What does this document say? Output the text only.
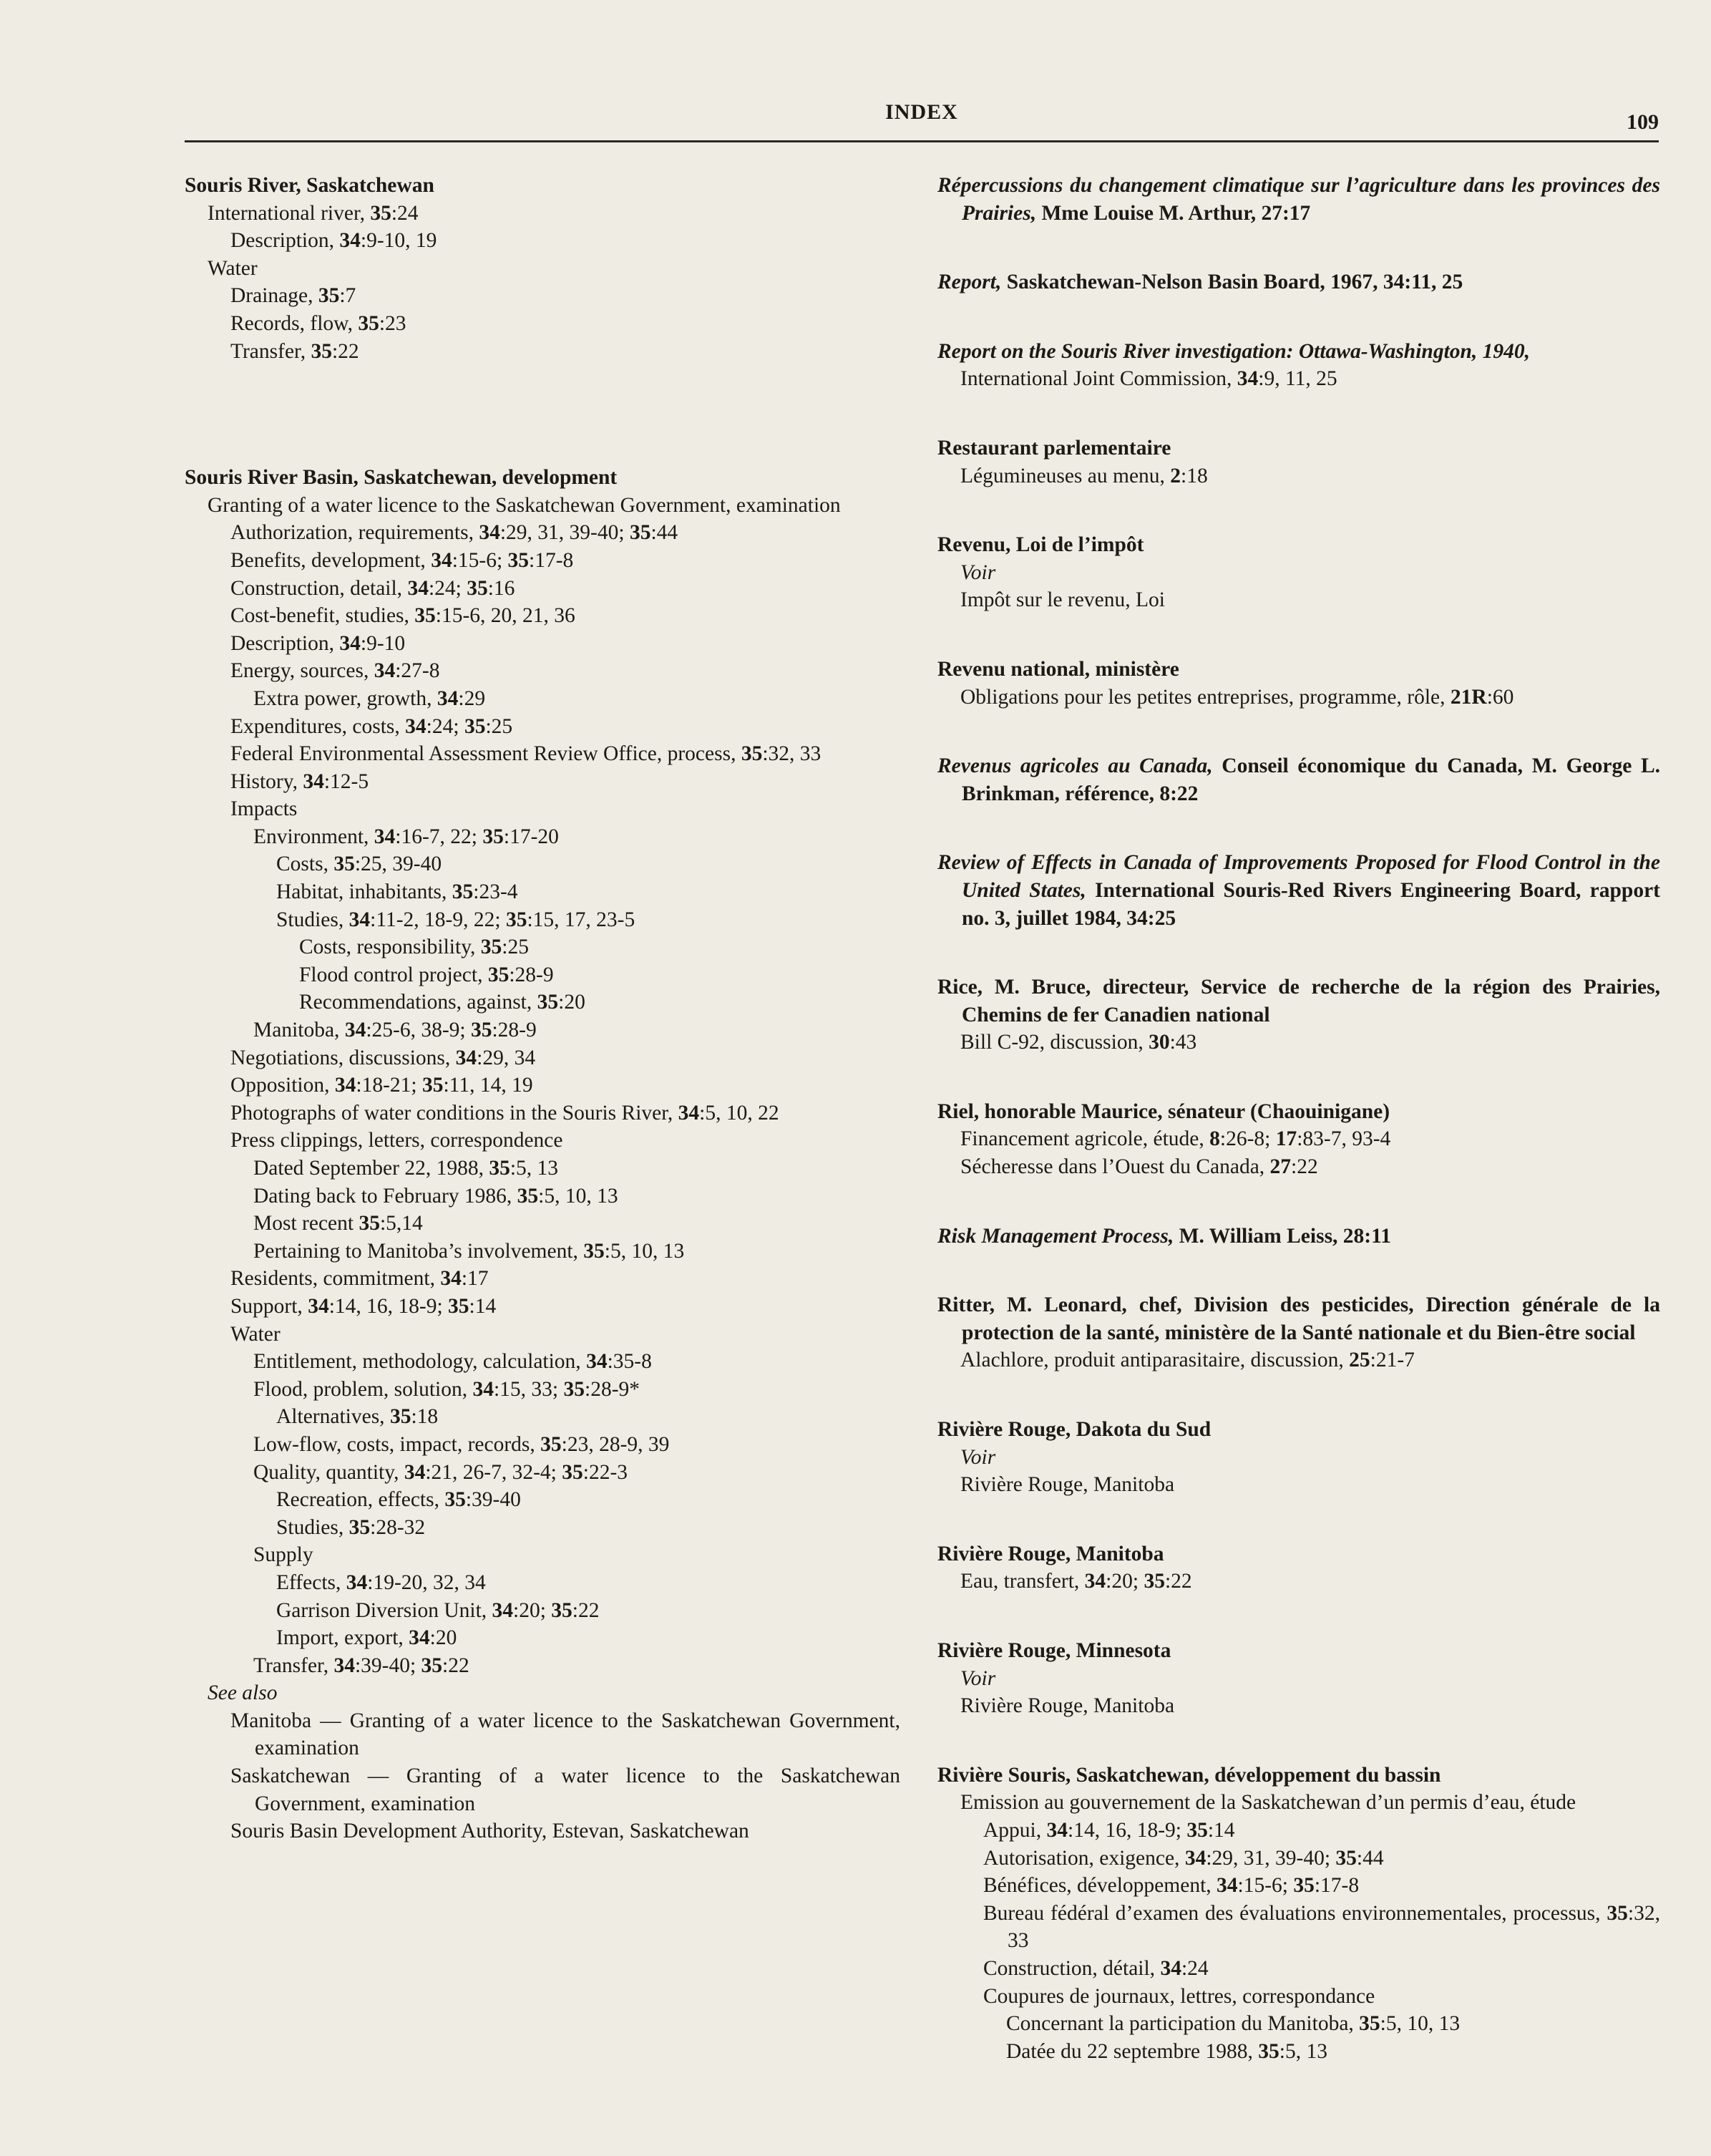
INDEX	109
Souris River, Saskatchewan
International river, 35:24
Description, 34:9-10, 19
Water
Drainage, 35:7
Records, flow, 35:23
Transfer, 35:22
Souris River Basin, Saskatchewan, development
Granting of a water licence to the Saskatchewan Government, examination
Authorization, requirements, 34:29, 31, 39-40; 35:44
Benefits, development, 34:15-6; 35:17-8
Construction, detail, 34:24; 35:16
Cost-benefit, studies, 35:15-6, 20, 21, 36
Description, 34:9-10
Energy, sources, 34:27-8
Extra power, growth, 34:29
Expenditures, costs, 34:24; 35:25
Federal Environmental Assessment Review Office, process, 35:32, 33
History, 34:12-5
Impacts
Environment, 34:16-7, 22; 35:17-20
Costs, 35:25, 39-40
Habitat, inhabitants, 35:23-4
Studies, 34:11-2, 18-9, 22; 35:15, 17, 23-5
Costs, responsibility, 35:25
Flood control project, 35:28-9
Recommendations, against, 35:20
Manitoba, 34:25-6, 38-9; 35:28-9
Negotiations, discussions, 34:29, 34
Opposition, 34:18-21; 35:11, 14, 19
Photographs of water conditions in the Souris River, 34:5, 10, 22
Press clippings, letters, correspondence
Dated September 22, 1988, 35:5, 13
Dating back to February 1986, 35:5, 10, 13
Most recent 35:5,14
Pertaining to Manitoba’s involvement, 35:5, 10, 13
Residents, commitment, 34:17
Support, 34:14, 16, 18-9; 35:14
Water
Entitlement, methodology, calculation, 34:35-8
Flood, problem, solution, 34:15, 33; 35:28-9*
Alternatives, 35:18
Low-flow, costs, impact, records, 35:23, 28-9, 39
Quality, quantity, 34:21, 26-7, 32-4; 35:22-3
Recreation, effects, 35:39-40
Studies, 35:28-32
Supply
Effects, 34:19-20, 32, 34
Garrison Diversion Unit, 34:20; 35:22
Import, export, 34:20
Transfer, 34:39-40; 35:22
See also
Manitoba — Granting of a water licence to the Saskatchewan Government, examination
Saskatchewan — Granting of a water licence to the Saskatchewan Government, examination
Souris Basin Development Authority, Estevan, Saskatchewan
Répercussions du changement climatique sur l’agriculture dans les provinces des Prairies, Mme Louise M. Arthur, 27:17
Report, Saskatchewan-Nelson Basin Board, 1967, 34:11, 25
Report on the Souris River investigation: Ottawa-Washington, 1940,
International Joint Commission, 34:9, 11, 25
Restaurant parlementaire
Légumineuses au menu, 2:18
Revenu, Loi de l’impôt
Voir
Impôt sur le revenu, Loi
Revenu national, ministère
Obligations pour les petites entreprises, programme, rôle, 21R:60
Revenus agricoles au Canada, Conseil économique du Canada, M. George L. Brinkman, référence, 8:22
Review of Effects in Canada of Improvements Proposed for Flood Control in the United States, International Souris-Red Rivers Engineering Board, rapport no. 3, juillet 1984, 34:25
Rice, M. Bruce, directeur, Service de recherche de la région des Prairies, Chemins de fer Canadien national
Bill C-92, discussion, 30:43
Riel, honorable Maurice, sénateur (Chaouinigane)
Financement agricole, étude, 8:26-8; 17:83-7, 93-4
Sécheresse dans l’Ouest du Canada, 27:22
Risk Management Process, M. William Leiss, 28:11
Ritter, M. Leonard, chef, Division des pesticides, Direction générale de la protection de la santé, ministère de la Santé nationale et du Bien-être social
Alachlore, produit antiparasitaire, discussion, 25:21-7
Rivière Rouge, Dakota du Sud
Voir
Rivière Rouge, Manitoba
Rivière Rouge, Manitoba
Eau, transfert, 34:20; 35:22
Rivière Rouge, Minnesota
Voir
Rivière Rouge, Manitoba
Rivière Souris, Saskatchewan, développement du bassin
Emission au gouvernement de la Saskatchewan d’un permis d’eau, étude
Appui, 34:14, 16, 18-9; 35:14
Autorisation, exigence, 34:29, 31, 39-40; 35:44
Bénéfices, développement, 34:15-6; 35:17-8
Bureau fédéral d’examen des évaluations environnementales, processus, 35:32, 33
Construction, détail, 34:24
Coupures de journaux, lettres, correspondance
Concernant la participation du Manitoba, 35:5, 10, 13
Datée du 22 septembre 1988, 35:5, 13
